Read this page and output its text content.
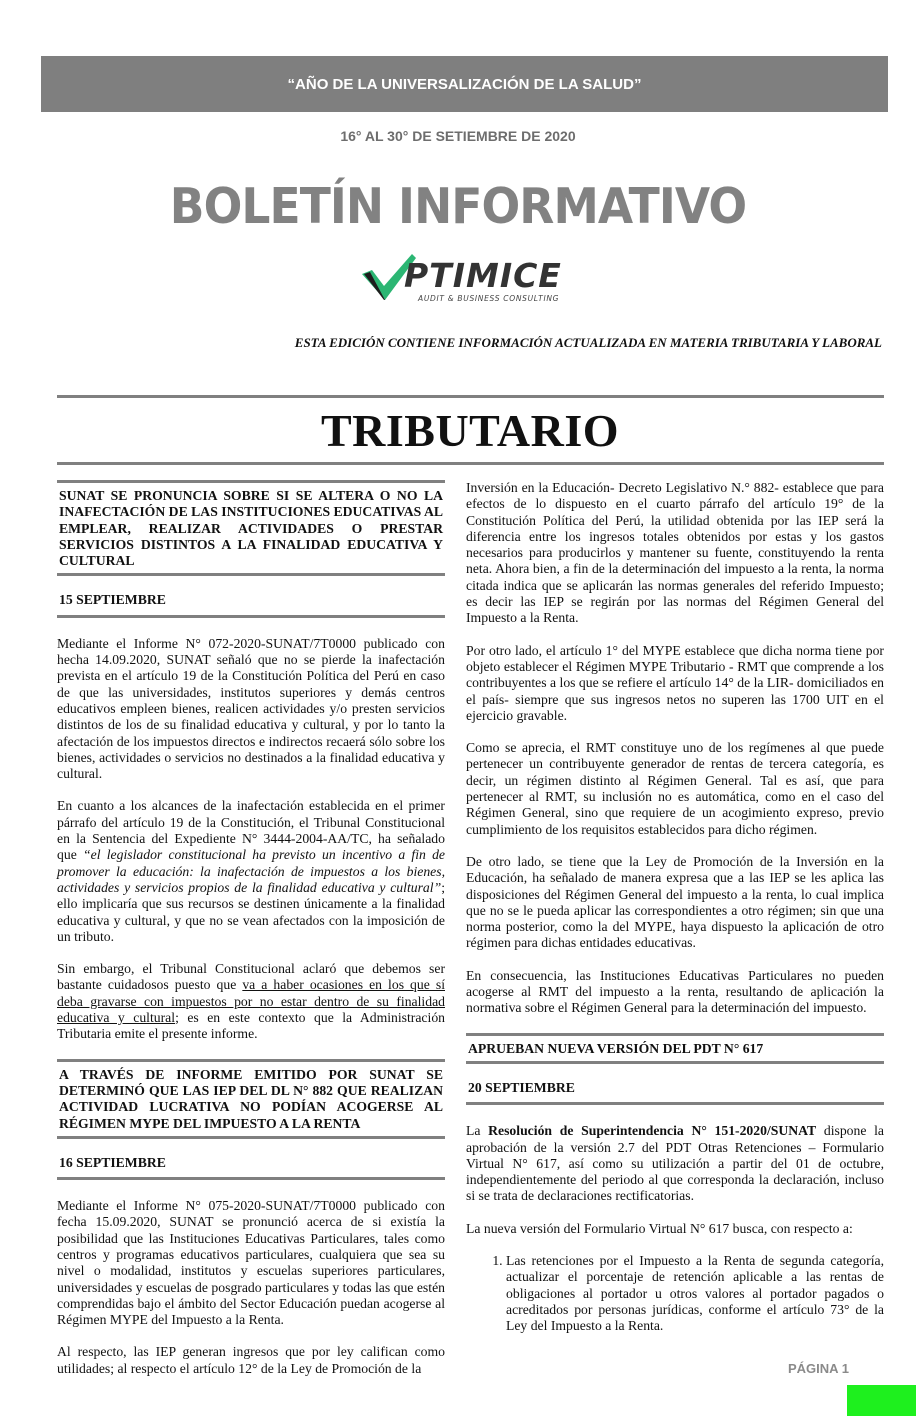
“AÑO DE LA UNIVERSALIZACIÓN DE LA SALUD”
16° AL 30° DE SETIEMBRE DE 2020
BOLETÍN INFORMATIVO
PTIMICE
AUDIT & BUSINESS CONSULTING
ESTA EDICIÓN CONTIENE INFORMACIÓN ACTUALIZADA EN MATERIA TRIBUTARIA Y LABORAL
TRIBUTARIO
SUNAT SE PRONUNCIA SOBRE SI SE ALTERA O NO LA INAFECTACIÓN DE LAS INSTITUCIONES EDUCATIVAS AL EMPLEAR, REALIZAR ACTIVIDADES O PRESTAR SERVICIOS DISTINTOS A LA FINALIDAD EDUCATIVA Y CULTURAL
15 SEPTIEMBRE

Mediante el Informe N° 072-2020-SUNAT/7T0000 publicado con hecha 14.09.2020, SUNAT señaló que no se pierde la inafectación prevista en el artículo 19 de la Constitución Política del Perú en caso de que las universidades, institutos superiores y demás centros educativos empleen bienes, realicen actividades y/o presten servicios distintos de los de su finalidad educativa y cultural, y por lo tanto la afectación de los impuestos directos e indirectos recaerá sólo sobre los bienes, actividades o servicios no destinados a la finalidad educativa y cultural.

En cuanto a los alcances de la inafectación establecida en el primer párrafo del artículo 19 de la Constitución, el Tribunal Constitucional en la Sentencia del Expediente N° 3444-2004-AA/TC, ha señalado que “el legislador constitucional ha previsto un incentivo a fin de promover la educación: la inafectación de impuestos a los bienes, actividades y servicios propios de la finalidad educativa y cultural”; ello implicaría que sus recursos se destinen únicamente a la finalidad educativa y cultural, y que no se vean afectados con la imposición de un tributo.

Sin embargo, el Tribunal Constitucional aclaró que debemos ser bastante cuidadosos puesto que va a haber ocasiones en los que sí deba gravarse con impuestos por no estar dentro de su finalidad educativa y cultural; es en este contexto que la Administración Tributaria emite el presente informe.

A TRAVÉS DE INFORME EMITIDO POR SUNAT SE DETERMINÓ QUE LAS IEP DEL DL N° 882 QUE REALIZAN ACTIVIDAD LUCRATIVA NO PODÍAN ACOGERSE AL RÉGIMEN MYPE DEL IMPUESTO A LA RENTA
16 SEPTIEMBRE

Mediante el Informe N° 075-2020-SUNAT/7T0000 publicado con fecha 15.09.2020, SUNAT se pronunció acerca de si existía la posibilidad que las Instituciones Educativas Particulares, tales como centros y programas educativos particulares, cualquiera que sea su nivel o modalidad, institutos y escuelas superiores particulares, universidades y escuelas de posgrado particulares y todas las que estén comprendidas bajo el ámbito del Sector Educación puedan acogerse al Régimen MYPE del Impuesto a la Renta.

Al respecto, las IEP generan ingresos que por ley califican como utilidades; al respecto el artículo 12° de la Ley de Promoción de la

Inversión en la Educación- Decreto Legislativo N.° 882- establece que para efectos de lo dispuesto en el cuarto párrafo del artículo 19° de la Constitución Política del Perú, la utilidad obtenida por las IEP será la diferencia entre los ingresos totales obtenidos por estas y los gastos necesarios para producirlos y mantener su fuente, constituyendo la renta neta. Ahora bien, a fin de la determinación del impuesto a la renta, la norma citada indica que se aplicarán las normas generales del referido Impuesto; es decir las IEP se regirán por las normas del Régimen General del Impuesto a la Renta.

Por otro lado, el artículo 1° del MYPE establece que dicha norma tiene por objeto establecer el Régimen MYPE Tributario - RMT que comprende a los contribuyentes a los que se refiere el artículo 14° de la LIR- domiciliados en el país- siempre que sus ingresos netos no superen las 1700 UIT en el ejercicio gravable.

Como se aprecia, el RMT constituye uno de los regímenes al que puede pertenecer un contribuyente generador de rentas de tercera categoría, es decir, un régimen distinto al Régimen General. Tal es así, que para pertenecer al RMT, su inclusión no es automática, como en el caso del Régimen General, sino que requiere de un acogimiento expreso, previo cumplimiento de los requisitos establecidos para dicho régimen.

De otro lado, se tiene que la Ley de Promoción de la Inversión en la Educación, ha señalado de manera expresa que a las IEP se les aplica las disposiciones del Régimen General del impuesto a la renta, lo cual implica que no se le pueda aplicar las correspondientes a otro régimen; sin que una norma posterior, como la del MYPE, haya dispuesto la aplicación de otro régimen para dichas entidades educativas.

En consecuencia, las Instituciones Educativas Particulares no pueden acogerse al RMT del impuesto a la renta, resultando de aplicación la normativa sobre el Régimen General para la determinación del impuesto.

APRUEBAN NUEVA VERSIÓN DEL PDT N° 617
20 SEPTIEMBRE

La Resolución de Superintendencia N° 151-2020/SUNAT dispone la aprobación de la versión 2.7 del PDT Otras Retenciones – Formulario Virtual N° 617, así como su utilización a partir del 01 de octubre, independientemente del periodo al que corresponda la declaración, incluso si se trata de declaraciones rectificatorias.

La nueva versión del Formulario Virtual N° 617 busca, con respecto a:

1. Las retenciones por el Impuesto a la Renta de segunda categoría, actualizar el porcentaje de retención aplicable a las rentas de obligaciones al portador u otros valores al portador pagados o acreditados por personas jurídicas, conforme el artículo 73° de la Ley del Impuesto a la Renta.
PÁGINA 1
